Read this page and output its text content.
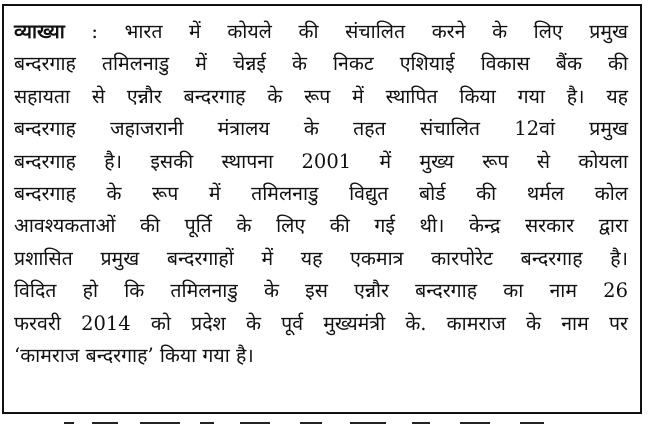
व्याख्या : भारत में कोयले की संचालित करने के लिए प्रमुख
बन्दरगाह तमिलनाडु में चेन्नई के निकट एशियाई विकास बैंक की
सहायता से एन्नौर बन्दरगाह के रूप में स्थापित किया गया है। यह
बन्दरगाह जहाजरानी मंत्रालय के तहत संचालित 12वां प्रमुख
बन्दरगाह है। इसकी स्थापना 2001 में मुख्य रूप से कोयला
बन्दरगाह के रूप में तमिलनाडु विद्युत बोर्ड की थर्मल कोल
आवश्यकताओं की पूर्ति के लिए की गई थी। केन्द्र सरकार द्वारा
प्रशासित प्रमुख बन्दरगाहों में यह एकमात्र कारपोरेट बन्दरगाह है।
विदित हो कि तमिलनाडु के इस एन्नौर बन्दरगाह का नाम 26
फरवरी 2014 को प्रदेश के पूर्व मुख्यमंत्री के. कामराज के नाम पर
‘कामराज बन्दरगाह’ किया गया है।
